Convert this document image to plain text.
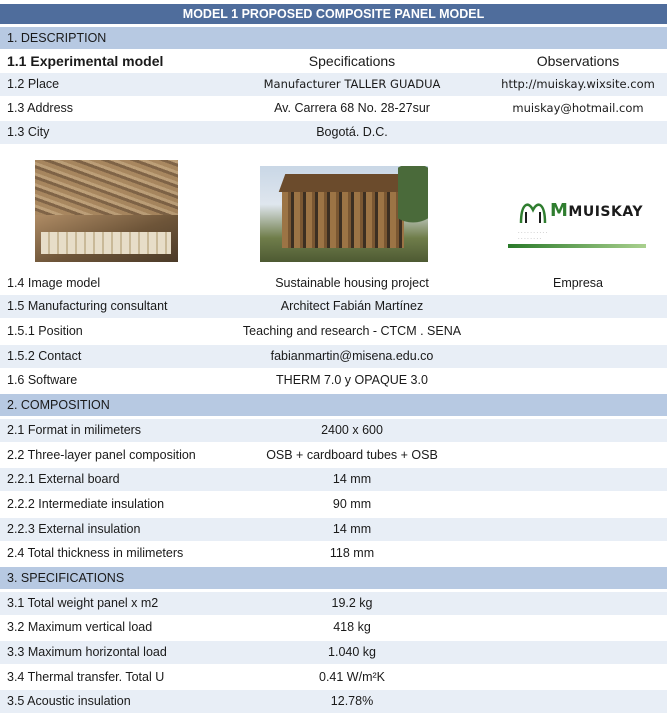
MODEL 1 PROPOSED COMPOSITE PANEL MODEL
1. DESCRIPTION
1.1 Experimental model	Specifications	Observations
1.2 Place	Manufacturer TALLER GUADUA	http://muiskay.wixsite.com
1.3 Address	Av. Carrera 68 No. 28-27sur	muiskay@hotmail.com
1.3 City	Bogotá. D.C.
MMUISKAY
· · · · · · · · · ·
· · · · · · · ·

1.4 Image model	Sustainable housing project	Empresa
1.5 Manufacturing consultant	Architect Fabián Martínez
1.5.1 Position	Teaching and research - CTCM . SENA
1.5.2 Contact	fabianmartin@misena.edu.co
1.6 Software	THERM 7.0 y OPAQUE 3.0
2. COMPOSITION
2.1 Format in milimeters	2400 x 600
2.2 Three-layer panel composition	OSB + cardboard tubes + OSB
2.2.1 External board	14 mm
2.2.2 Intermediate insulation	90 mm
2.2.3 External insulation	14 mm
2.4 Total thickness in milimeters	118 mm
3. SPECIFICATIONS
3.1 Total weight panel x m2	19.2 kg
3.2 Maximum vertical load	418 kg
3.3 Maximum horizontal load	1.040 kg
3.4 Thermal transfer. Total U	0.41 W/m²K
3.5 Acoustic insulation	12.78%
